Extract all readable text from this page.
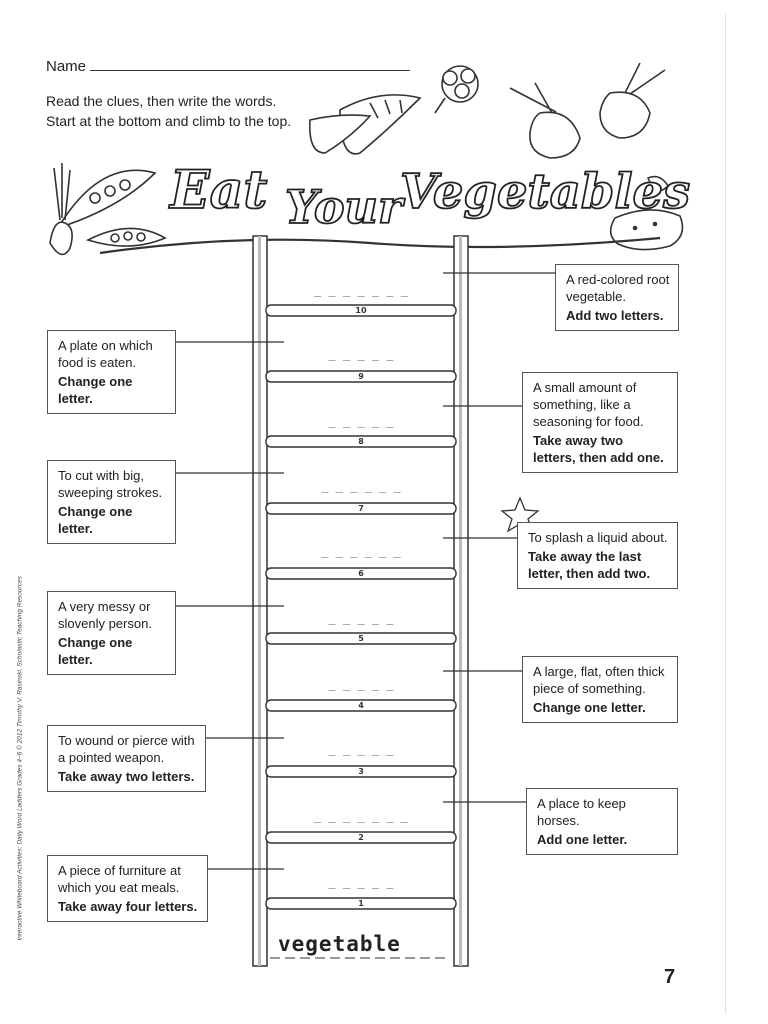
Name
Read the clues, then write the words.
Start at the bottom and climb to the top.
Eat Your
Vegetables
10
_ _ _ _ _ _ _
9
_ _ _ _ _
8
_ _ _ _ _
7
_ _ _ _ _ _
6
_ _ _ _ _ _
5
_ _ _ _ _
4
_ _ _ _ _
3
_ _ _ _ _
2
_ _ _ _ _ _ _
1
_ _ _ _ _
vegetable
A red-colored root vegetable.
Add two letters.
A plate on which food is eaten.
Change one letter.
A small amount of something, like a seasoning for food.
Take away two letters, then add one.
To cut with big, sweeping strokes.
Change one letter.
To splash a liquid about.
Take away the last letter, then add two.
A very messy or slovenly person.
Change one letter.
A large, flat, often thick piece of something.
Change one letter.
To wound or pierce with a pointed weapon.
Take away two letters.
A place to keep horses.
Add one letter.
A piece of furniture at which you eat meals.
Take away four letters.
7
Interactive Whiteboard Activities: Daily Word Ladders Grades 4–6 © 2012 Timothy V. Rasinski, Scholastic Teaching Resources
